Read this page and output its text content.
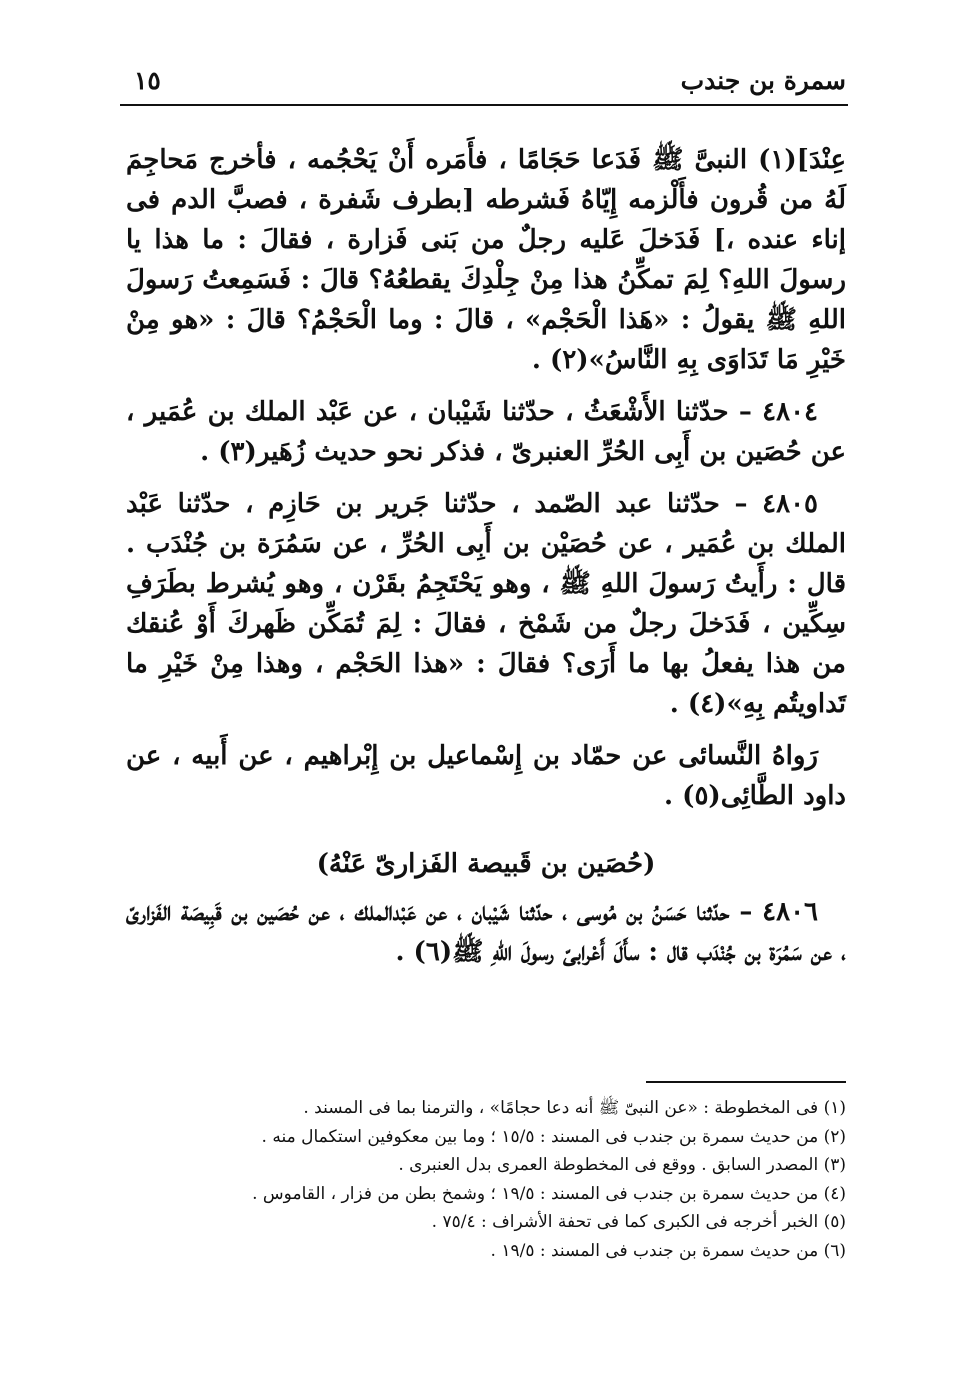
سمرة بن جندب
١٥

عِنْدَ](١) النبىَّ ﷺ فَدَعا حَجَامًا ، فأَمَره أَنْ يَحْجُمه ، فأخرج مَحاجِمَ لَهُ من قُرون فأَلْزمه إِيّاهُ فَشرطه [بطرف شَفرة ، فصبَّ الدم فى إناء عنده ،] فَدَخلَ عَليه رجلٌ من بَنى فَزارة ، فقالَ : ما هذا يا رسولَ اللهِ؟ لِمَ تمكِّنُ هذا مِنْ جِلْدِكَ يقطعُهُ؟ قالَ : فَسَمِعتُ رَسولَ اللهِ ﷺ يقولُ : «هَذا الْحَجْم» ، قالَ : وما الْحَجْمُ؟ قالَ : «هو مِنْ خَيْرِ مَا تَدَاوَى بِهِ النَّاسُ»(٢) .

٤٨٠٤ – حدّثنا الأَشْعَثُ ، حدّثنا شَيْبان ، عن عَبْد الملك بن عُمَير ، عن حُصَين بن أَبِى الحُرِّ العنبرىّ ، فذكر نحو حديث زُهَير(٣) .

٤٨٠٥ – حدّثنا عبد الصّمد ، حدّثنا جَرير بن حَازِم ، حدّثنا عَبْد الملك بن عُمَير ، عن حُصَيْن بن أَبِى الحُرِّ ، عن سَمُرَة بن جُنْدَب . قال : رأَيتُ رَسولَ اللهِ ﷺ ، وهو يَحْتَجِمُ بقَرْن ، وهو يُشرط بطَرَفِ سِكِّين ، فَدَخلَ رجلٌ من شَمْخ ، فقالَ : لِمَ تُمَكِّن ظَهركَ أَوْ عُنقك من هذا يفعلُ بها ما أَرَى؟ فقالَ : «هذا الحَجْم ، وهذا مِنْ خَيْرِ ما تَداويتُم بِهِ»(٤) .

رَواهُ النَّسائى عن حمّاد بن إِسْماعيل بن إِبْراهيم ، عن أَبيه ، عن داود الطَّائِى(٥) .

(حُصَين بن قَبيصة الفَزارىّ عَنْهُ)

٤٨٠٦ – حدّثنا حَسَنُ بن مُوسى ، حدّثنا شَيْبان ، عن عَبْدالملك ، عن حُصَين بن قَبِيصَة الفَزارىّ ، عن سَمُرَة بن جُنْدَب قال : سأَلَ أَعْرابىّ رسولَ اللهِ ﷺ(٦) .

(١) فى المخطوطة : «عن النبىّ ﷺ أنه دعا حجامًا» ، والترمنا بما فى المسند .

(٢) من حديث سمرة بن جندب فى المسند : ١٥/٥ ؛ وما بين معكوفين استكمال منه .

(٣) المصدر السابق . ووقع فى المخطوطة العمرى بدل العنبرى .

(٤) من حديث سمرة بن جندب فى المسند : ١٩/٥ ؛ وشمخ بطن من فزار ، القاموس .

(٥) الخبر أخرجه فى الكبرى كما فى تحفة الأشراف : ٧٥/٤ .

(٦) من حديث سمرة بن جندب فى المسند : ١٩/٥ .
